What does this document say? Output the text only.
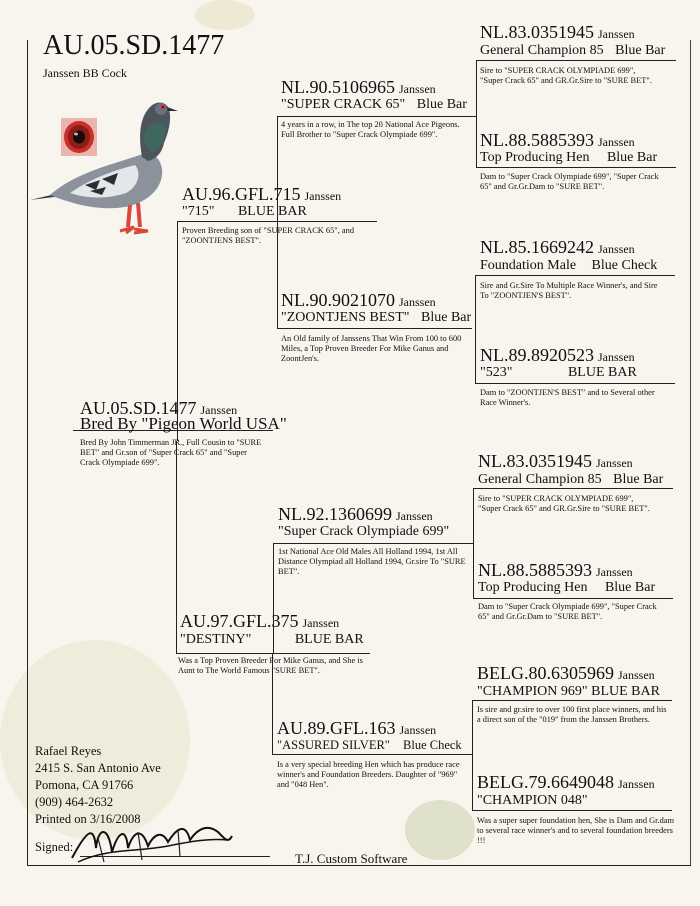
AU.05.SD.1477
Janssen BB Cock
AU.05.SD.1477 Janssen
Bred By "Pigeon World USA"
Bred By John Timmerman JR., Full Cousin to "SURE BET" and Gr.son of "Super Crack 65" and "Super Crack Olympiade 699".
AU.96.GFL.715 Janssen
"715" BLUE BAR
Proven Breeding son of "SUPER CRACK 65", and "ZOONTJENS BEST".
AU.97.GFL.375 Janssen
"DESTINY"	BLUE BAR
Was a Top Proven Breeder For Mike Ganus, and She is Aunt to The World Famous "SURE BET".
NL.90.5106965 Janssen
"SUPER CRACK 65" Blue Bar
4 years in a row, in The top 20 National Ace Pigeons. Full Brother to "Super Crack Olympiade 699".
NL.90.9021070 Janssen
"ZOONTJENS BEST" Blue Bar
An Old family of Janssens That Win From 100 to 600 Miles, a Top Proven Breeder For Mike Ganus and ZoontJen's.
NL.92.1360699 Janssen
"Super Crack Olympiade 699"
1st National Ace Old Males All Holland 1994, 1st All Distance Olympiad all Holland 1994, Gr.sire To "SURE BET".
AU.89.GFL.163 Janssen
"ASSURED SILVER" Blue Check
Is a very special breeding Hen which has produce race winner's and Foundation Breeders. Daughter of "969" and "048 Hen".
NL.83.0351945 Janssen
General Champion 85 Blue Bar
Sire to "SUPER CRACK OLYMPIADE 699", "Super Crack 65" and GR.Gr.Sire to "SURE BET".
NL.88.5885393 Janssen
Top Producing Hen Blue Bar
Dam to "Super Crack Olympiade 699", "Super Crack 65" and Gr.Gr.Dam to "SURE BET".
NL.85.1669242 Janssen
Foundation Male Blue Check
Sire and Gr.Sire To Multiple Race Winner's, and Sire To "ZOONTJEN'S BEST".
NL.89.8920523 Janssen
"523"	BLUE BAR
Dam to "ZOONTJEN'S BEST" and to Several other Race Winner's.
NL.83.0351945 Janssen
General Champion 85 Blue Bar
Sire to "SUPER CRACK OLYMPIADE 699", "Super Crack 65" and GR.Gr.Sire to "SURE BET".
NL.88.5885393 Janssen
Top Producing Hen Blue Bar
Dam to "Super Crack Olympiade 699", "Super Crack 65" and Gr.Gr.Dam to "SURE BET".
BELG.80.6305969 Janssen
"CHAMPION 969" BLUE BAR
Is sire and gr.sire to over 100 first place winners, and his a direct son of the "019" from the Janssen Brothers.
BELG.79.6649048 Janssen
"CHAMPION 048"
Was a super super foundation hen, She is Dam and Gr.dam to several race winner's and to several foundation breeders !!!
Rafael Reyes
2415 S. San Antonio Ave
Pomona, CA 91766
(909) 464-2632
Printed on 3/16/2008
Signed:
T.J. Custom Software
